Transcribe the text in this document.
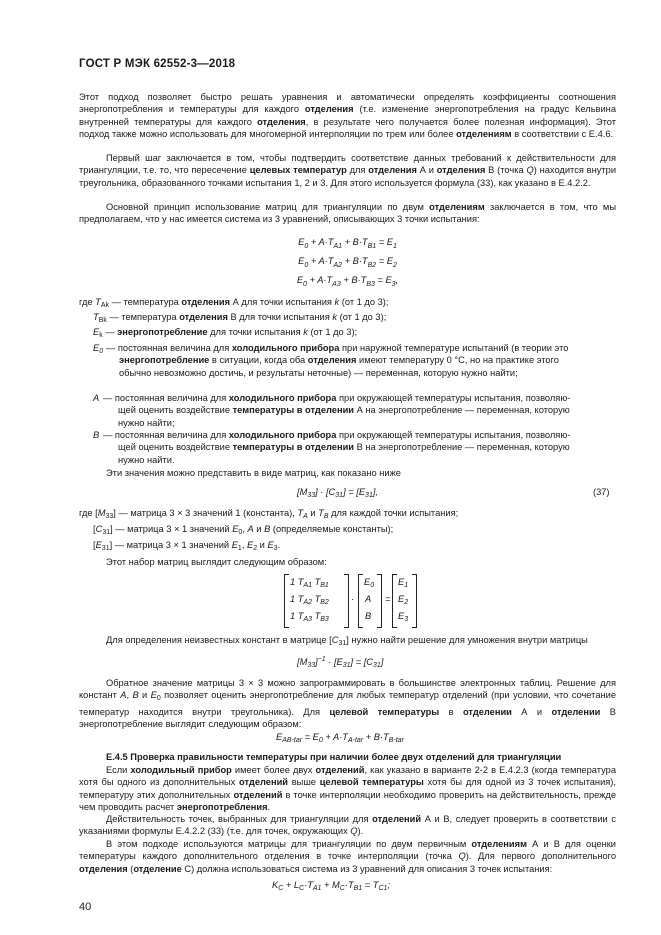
ГОСТ Р МЭК 62552-3—2018
Этот подход позволяет быстро решать уравнения и автоматически определять коэффициенты соотношения энергопотребления и температуры для каждого отделения (т.е. изменение энергопотребления на градус Кельвина внутренней температуры для каждого отделения, в результате чего получается более полезная информация). Этот подход также можно использовать для многомерной интерполяции по трем или более отделениям в соответствии с Е.4.6.
Первый шаг заключается в том, чтобы подтвердить соответствие данных требований к действительности для триангуляции, т.е. то, что пересечение целевых температур для отделения А и отделения В (точка Q) находится внутри треугольника, образованного точками испытания 1, 2 и 3. Для этого используется формула (33), как указано в Е.4.2.2.
Основной принцип использование матриц для триангуляции по двум отделениям заключается в том, что мы предполагаем, что у нас имеется система из 3 уравнений, описывающих 3 точки испытания:
$E_0 + A\cdot T_{A1} + B\cdot T_{B1} = E_1$
$E_0 + A\cdot T_{A2} + B\cdot T_{B2} = E_2$
$E_0 + A\cdot T_{A3} + B\cdot T_{B3} = E_3$,
где $T_{Ak}$ — температура отделения А для точки испытания k (от 1 до 3);
$T_{Bk}$ — температура отделения В для точки испытания k (от 1 до 3);
$E_k$ — энергопотребление для точки испытания k (от 1 до 3);
$E_0$ — постоянная величина для холодильного прибора при наружной температуре испытаний (в теории это
энергопотребление в ситуации, когда оба отделения имеют температуру 0 °С, но на практике этого
обычно невозможно достичь, и результаты неточные) — переменная, которую нужно найти;
A — постоянная величина для холодильного прибора при окружающей температуры испытания, позволяю-
щей оценить воздействие температуры в отделении А на энергопотребление — переменная, которую
нужно найти;
B — постоянная величина для холодильного прибора при окружающей температуры испытания, позволяю-
щей оценить воздействие температуры в отделении В на энергопотребление — переменная, которую
нужно найти.
Эти значения можно представить в виде матриц, как показано ниже
$[M_{33}] \cdot [C_{31}] = [E_{31}]$,	(37)
где $[M_{33}]$ — матрица 3 × 3 значений 1 (константа), $T_A$ и $T_B$ для каждой точки испытания;
$[C_{31}]$ — матрица 3 × 1 значений $E_0$, A и B (определяемые константы);
$[E_{31}]$ — матрица 3 × 1 значений $E_1$, $E_2$ и $E_3$.
Этот набор матриц выглядит следующим образом:
1 $T_{A1}$ $T_{B1}$
1 $T_{A2}$ $T_{B2}$
1 $T_{A3}$ $T_{B3}$
·
$E_0$
A
B
=
$E_1$
$E_2$
$E_3$
Для определения неизвестных констант в матрице $[C_{31}]$ нужно найти решение для умножения внутри матрицы
$[M_{33}]^{-1} \cdot [E_{31}] = [C_{31}]$
Обратное значение матрицы 3 × 3 можно запрограммировать в большинстве электронных таблиц. Решение для констант А, В и $Е_0$ позволяет оценить энергопотребление для любых температур отделений (при условии, что сочетание температур находится внутри треугольника). Для целевой температуры в отделении А и отделении В энергопотребление выглядит следующим образом:
$E_{AB-tar} = E_0 + A\cdot T_{A-tar} + B\cdot T_{B-tar}$
Е.4.5 Проверка правильности температуры при наличии более двух отделений для триангуляции
Если холодильный прибор имеет более двух отделений, как указано в варианте 2-2 в Е.4.2.3 (когда температура хотя бы одного из дополнительных отделений выше целевой температуры хотя бы для одной из 3 точек испытания), температуру этих дополнительных отделений в точке интерполяции необходимо проверить на действительность, прежде чем проводить расчет энергопотребления.
Действительность точек, выбранных для триангуляции для отделений А и В, следует проверить в соответствии с указаниями формулы Е.4.2.2 (33) (т.е. для точек, окружающих Q).
В этом подходе используются матрицы для триангуляции по двум первичным отделениям А и В для оценки температуры каждого дополнительного отделения в точке интерполяции (точка Q). Для первого дополнительного отделения (отделение С) должна использоваться система из 3 уравнений для описания 3 точек испытания:
$K_C + L_C\cdot T_{A1} + M_C\cdot T_{B1} = T_{C1}$;
40
